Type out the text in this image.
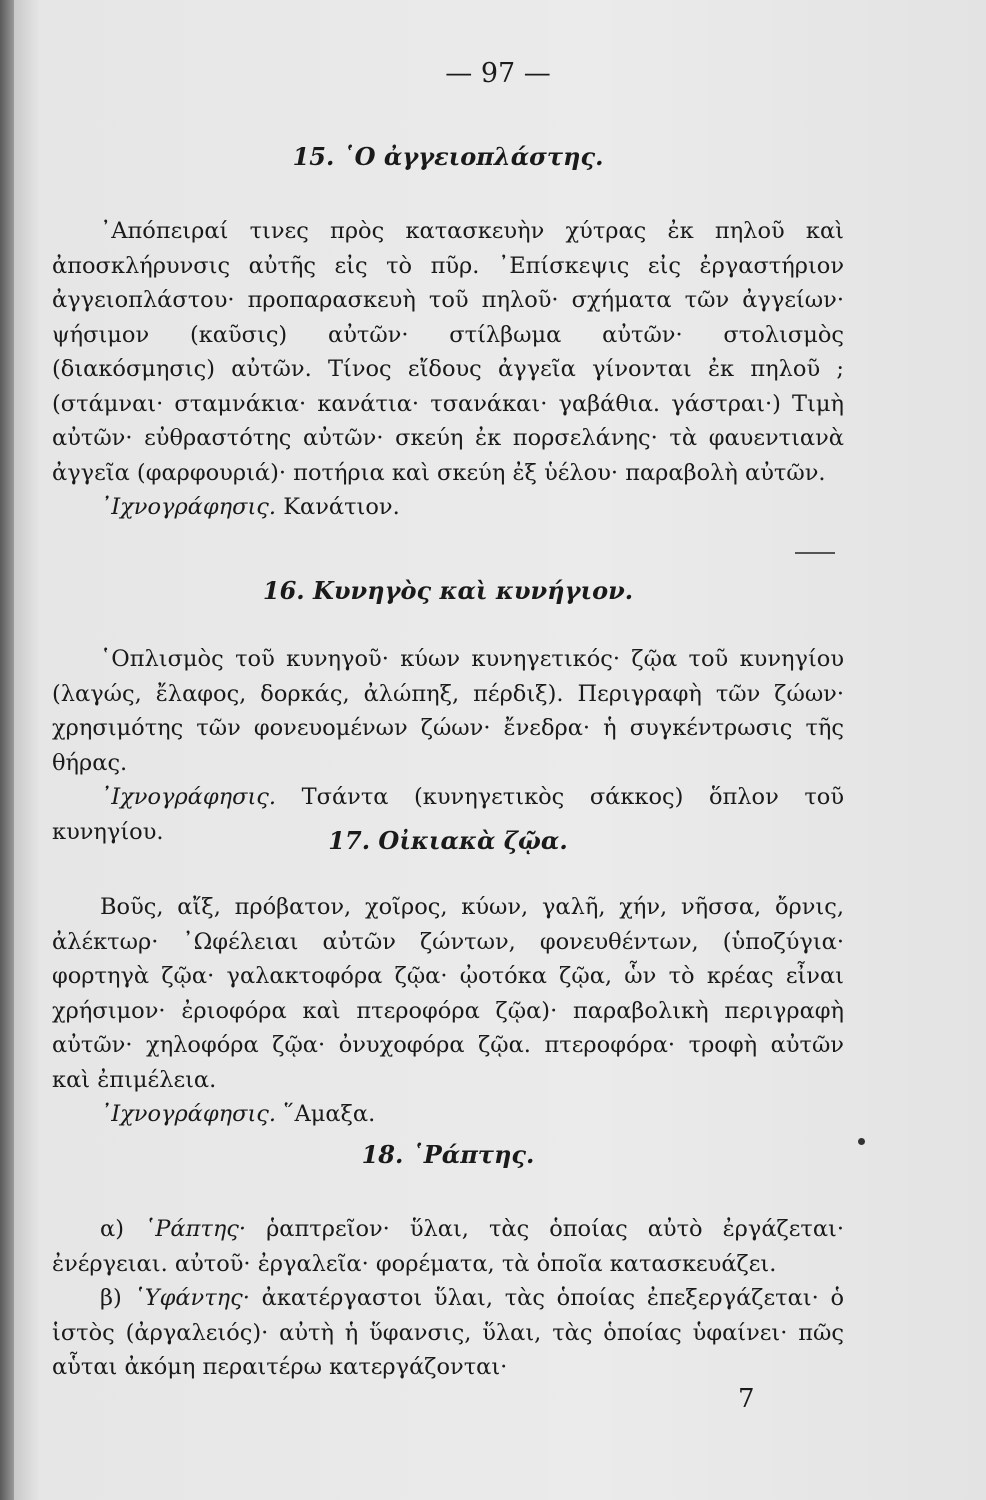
— 97 —
15. ῾Ο ἀγγειοπλάστης.

᾿Απόπειραί τινες πρὸς κατασκευὴν χύτρας ἐκ πηλοῦ καὶ ἀποσκλήρυνσις αὐτῆς εἰς τὸ πῦρ. ᾿Επίσκεψις εἰς ἐργαστήριον ἀγγειοπλάστου· προπαρασκευὴ τοῦ πηλοῦ· σχήματα τῶν ἀγγείων· ψήσιμον (καῦσις) αὐτῶν· στίλβωμα αὐτῶν· στολισμὸς (διακόσμησις) αὐτῶν. Τίνος εἴδους ἀγγεῖα γίνονται ἐκ πηλοῦ ; (στάμναι· σταμνάκια· κανάτια· τσανάκαι· γαβάθια. γάστραι·) Τιμὴ αὐτῶν· εὐθραστότης αὐτῶν· σκεύη ἐκ πορσελάνης· τὰ φαυεντιανὰ ἀγγεῖα (φαρφουριά)· ποτήρια καὶ σκεύη ἐξ ὑέλου· παραβολὴ αὐτῶν.

᾿Ιχνογράφησις. Κανάτιον.

16. Κυνηγὸς καὶ κυνήγιον.

῾Οπλισμὸς τοῦ κυνηγοῦ· κύων κυνηγετικός· ζῷα τοῦ κυνηγίου (λαγώς, ἔλαφος, δορκάς, ἀλώπηξ, πέρδιξ). Περιγραφὴ τῶν ζώων· χρησιμότης τῶν φονευομένων ζώων· ἔνεδρα· ἡ συγκέντρωσις τῆς θήρας.

᾿Ιχνογράφησις. Τσάντα (κυνηγετικὸς σάκκος) ὅπλον τοῦ κυνηγίου.	17. Οἰκιακὰ ζῷα.

Βοῦς, αἴξ, πρόβατον, χοῖρος, κύων, γαλῆ, χήν, νῆσσα, ὄρνις, ἀλέκτωρ· ᾿Ωφέλειαι αὐτῶν ζώντων, φονευθέντων, (ὑποζύγια· φορτηγὰ ζῷα· γαλακτοφόρα ζῷα· ᾠοτόκα ζῷα, ὧν τὸ κρέας εἶναι χρήσιμον· ἐριοφόρα καὶ πτεροφόρα ζῷα)· παραβολικὴ περιγραφὴ αὐτῶν· χηλοφόρα ζῷα· ὀνυχοφόρα ζῷα. πτεροφόρα· τροφὴ αὐτῶν καὶ ἐπιμέλεια.

᾿Ιχνογράφησις. ῞Αμαξα.

18. ῾Ράπτης.

α) ῾Ράπτης· ῥαπτρεῖον· ὕλαι, τὰς ὁποίας αὐτὸ ἐργάζεται· ἐνέργειαι. αὐτοῦ· ἐργαλεῖα· φορέματα, τὰ ὁποῖα κατασκευάζει.

β) ῾Υφάντης· ἀκατέργαστοι ὕλαι, τὰς ὁποίας ἐπεξεργάζεται· ὁ ἱστὸς (ἀργαλειός)· αὐτὴ ἡ ὕφανσις, ὕλαι, τὰς ὁποίας ὑφαίνει· πῶς αὗται ἀκόμη περαιτέρω κατεργάζονται·

7
